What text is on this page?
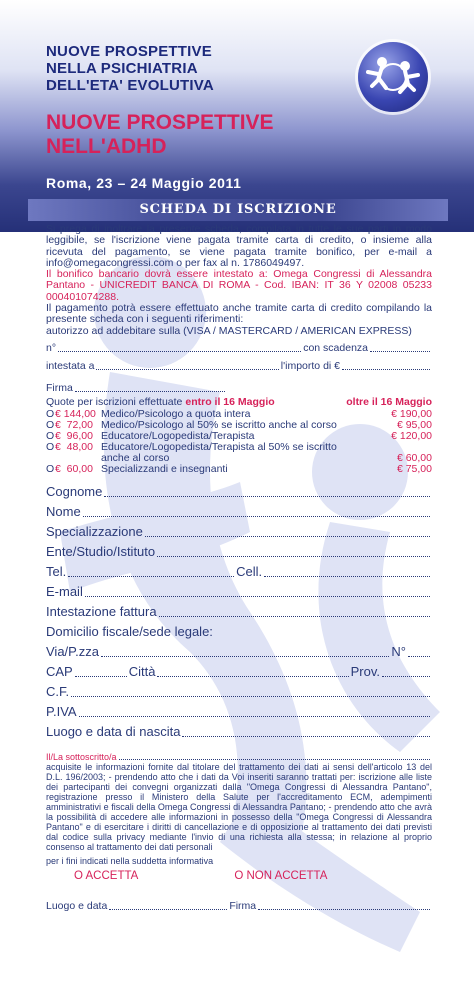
NUOVE PROSPETTIVE
NELLA PSICHIATRIA
DELL'ETA' EVOLUTIVA
NUOVE PROSPETTIVE
NELL'ADHD
Roma, 23 – 24 Maggio 2011
SCHEDA DI ISCRIZIONE
Si prega di inoltrare la presente scheda, compilata in tutte le sue parti in modo leggibile, se l'iscrizione viene pagata tramite carta di credito, o insieme alla ricevuta del pagamento, se viene pagata tramite bonifico, per e-mail a info@omegacongressi.com o per fax al n. 1786049497.
Il bonifico bancario dovrà essere intestato a: Omega Congressi di Alessandra Pantano - UNICREDIT BANCA DI ROMA - Cod. IBAN: IT 36 Y 02008 05233 000401074288.
Il pagamento potrà essere effettuato anche tramite carta di credito compilando la presente scheda con i seguenti riferimenti:
autorizzo ad addebitare sulla (VISA / MASTERCARD / AMERICAN EXPRESS)
n°	con scadenza
intestata a	l'importo di €
Firma
Quote per iscrizioni effettuate entro il 16 Maggio	oltre il 16 Maggio
O € 144,00 Medico/Psicologo a quota intera	€ 190,00
O €  72,00 Medico/Psicologo al 50% se iscritto anche al corso	€ 95,00
O €  96,00 Educatore/Logopedista/Terapista	€ 120,00
O €  48,00 Educatore/Logopedista/Terapista al 50% se iscritto anche al corso	€ 60,00
O €  60,00 Specializzandi e insegnanti	€ 75,00
Cognome
Nome
Specializzazione
Ente/Studio/Istituto
Tel.	Cell.
E-mail
Intestazione fattura
Domicilio fiscale/sede legale:
Via/P.zza	N°
CAP	Città	Prov.
C.F.
P.IVA
Luogo e data di nascita
Il/La sottoscritto/a
acquisite le informazioni fornite dal titolare del trattamento dei dati ai sensi dell'articolo 13 del D.L. 196/2003; - prendendo atto che i dati da Voi inseriti saranno trattati per: iscrizione alle liste dei partecipanti dei convegni organizzati dalla "Omega Congressi di Alessandra Pantano", registrazione presso il Ministero della Salute per l'accreditamento ECM, adempimenti amministrativi e fiscali della Omega Congressi di Alessandra Pantano; - prendendo atto che avrà la possibilità di accedere alle informazioni in possesso della "Omega Congressi di Alessandra Pantano" e di esercitare i diritti di cancellazione e di opposizione al trattamento dei dati previsti dal codice sulla privacy mediante l'invio di una richiesta alla stessa; in relazione al proprio consenso al trattamento dei dati personali
per i fini indicati nella suddetta informativa
O ACCETTA	O NON ACCETTA
Luogo e data	Firma
